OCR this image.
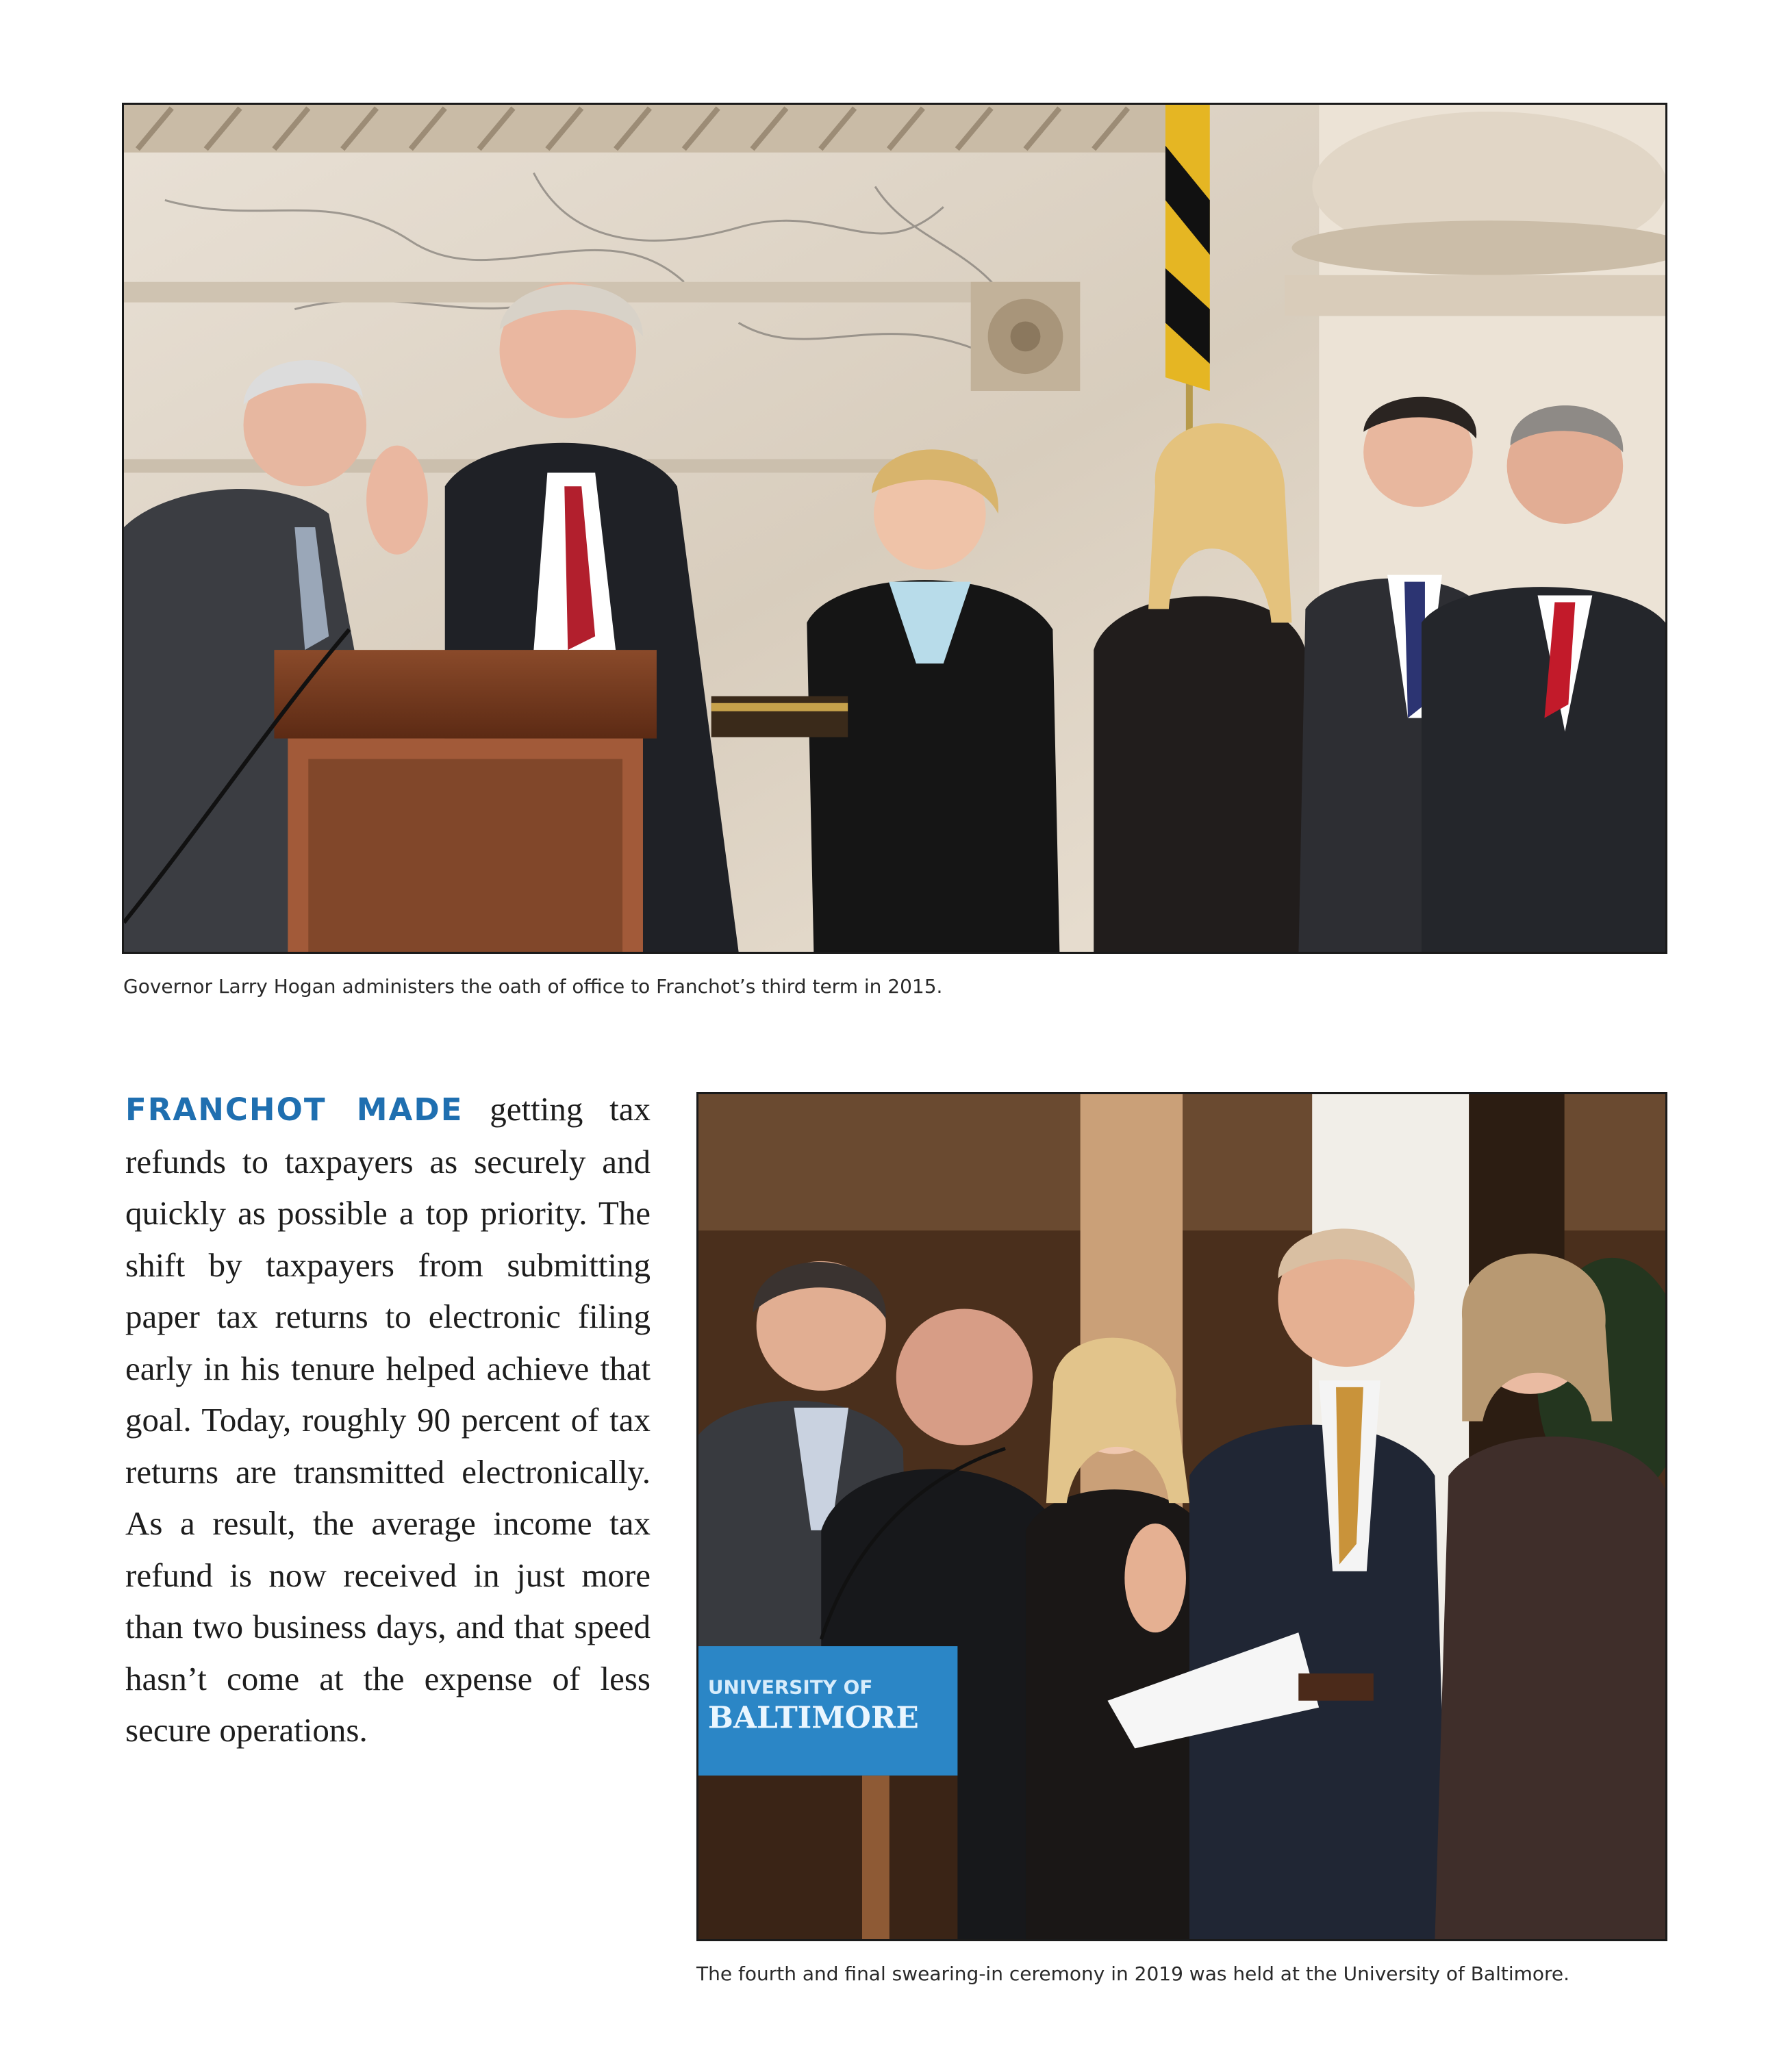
Governor Larry Hogan administers the oath of office to Franchot’s third term in 2015.
FRANCHOT MADE getting tax refunds to taxpayers as securely and quickly as possible a top priority. The shift by taxpayers from submitting paper tax returns to electronic filing early in his tenure helped achieve that goal. Today, roughly 90 percent of tax returns are transmitted electronically. As a result, the average income tax refund is now received in just more than two business days, and that speed hasn’t come at the expense of less secure operations.
UNIVERSITY OF
BALTIMORE
The fourth and final swearing-in ceremony in 2019 was held at the University of Baltimore.
